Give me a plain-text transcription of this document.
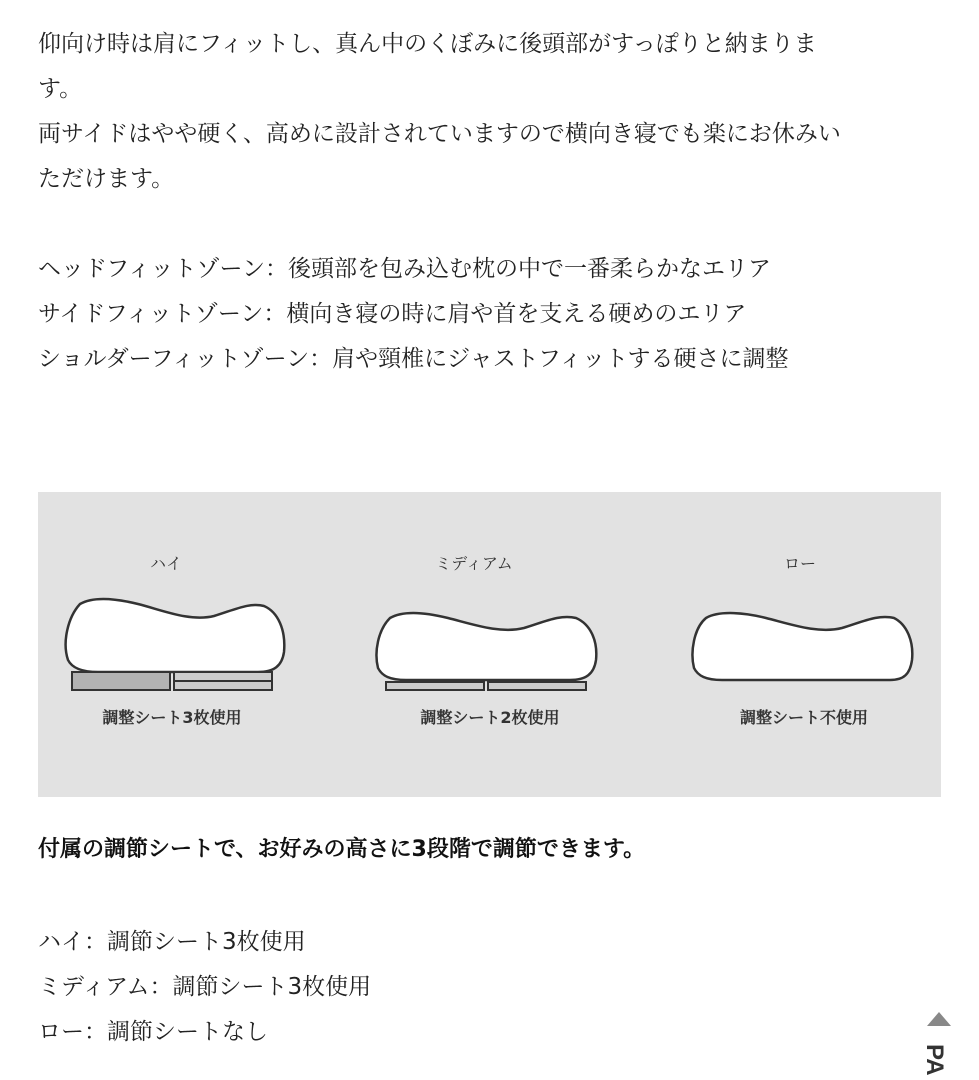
仰向け時は肩にフィットし、真ん中のくぼみに後頭部がすっぽりと納まりま
す。
両サイドはやや硬く、高めに設計されていますので横向き寝でも楽にお休みい
ただけます。
ヘッドフィットゾーン：後頭部を包み込む枕の中で一番柔らかなエリア
サイドフィットゾーン：横向き寝の時に肩や首を支える硬めのエリア
ショルダーフィットゾーン：肩や頸椎にジャストフィットする硬さに調整
ハイ
調整シート3枚使用
ミディアム
調整シート2枚使用
ロー
調整シート不使用

付属の調節シートで、お好みの高さに3段階で調節できます。

ハイ：調節シート3枚使用
ミディアム：調節シート3枚使用
ロー：調節シートなし
PA
